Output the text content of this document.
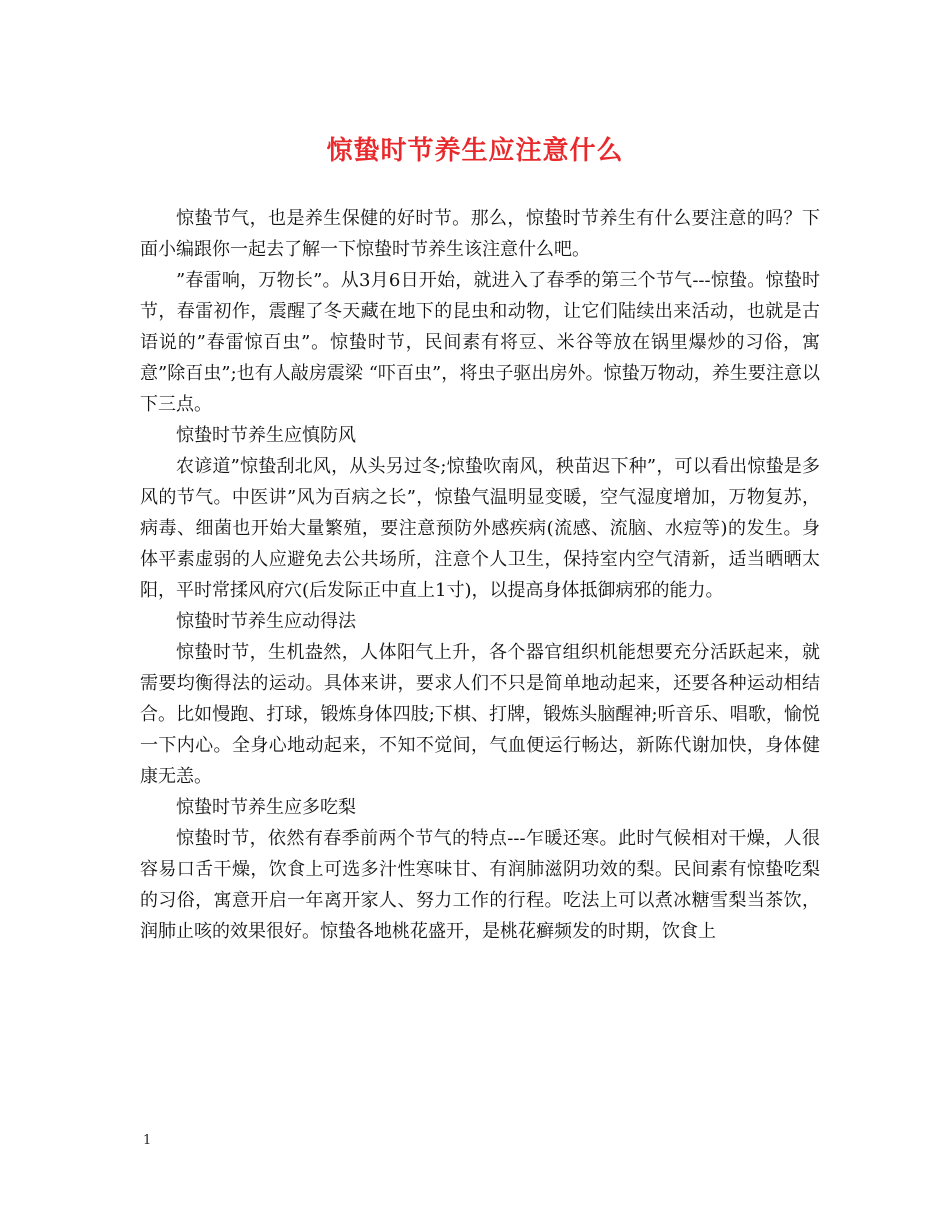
惊蛰时节养生应注意什么

惊蛰节气，也是养生保健的好时节。那么，惊蛰时节养生有什么要注意的吗？下面小编跟你一起去了解一下惊蛰时节养生该注意什么吧。

”春雷响，万物长”。从3月6日开始，就进入了春季的第三个节气---惊蛰。惊蛰时节，春雷初作，震醒了冬天藏在地下的昆虫和动物，让它们陆续出来活动，也就是古语说的”春雷惊百虫”。惊蛰时节，民间素有将豆、米谷等放在锅里爆炒的习俗，寓意”除百虫”;也有人敲房震梁 “吓百虫”，将虫子驱出房外。惊蛰万物动，养生要注意以下三点。

惊蛰时节养生应慎防风

农谚道”惊蛰刮北风，从头另过冬;惊蛰吹南风，秧苗迟下种”，可以看出惊蛰是多风的节气。中医讲”风为百病之长”，惊蛰气温明显变暖，空气湿度增加，万物复苏，病毒、细菌也开始大量繁殖，要注意预防外感疾病(流感、流脑、水痘等)的发生。身体平素虚弱的人应避免去公共场所，注意个人卫生，保持室内空气清新，适当晒晒太阳，平时常揉风府穴(后发际正中直上1寸)，以提高身体抵御病邪的能力。

惊蛰时节养生应动得法

惊蛰时节，生机盎然，人体阳气上升，各个器官组织机能想要充分活跃起来，就需要均衡得法的运动。具体来讲，要求人们不只是简单地动起来，还要各种运动相结合。比如慢跑、打球，锻炼身体四肢;下棋、打牌，锻炼头脑醒神;听音乐、唱歌，愉悦一下内心。全身心地动起来，不知不觉间，气血便运行畅达，新陈代谢加快，身体健康无恙。

惊蛰时节养生应多吃梨

惊蛰时节，依然有春季前两个节气的特点---乍暖还寒。此时气候相对干燥，人很容易口舌干燥，饮食上可选多汁性寒味甘、有润肺滋阴功效的梨。民间素有惊蛰吃梨的习俗，寓意开启一年离开家人、努力工作的行程。吃法上可以煮冰糖雪梨当茶饮，润肺止咳的效果很好。惊蛰各地桃花盛开，是桃花癣频发的时期，饮食上

1
